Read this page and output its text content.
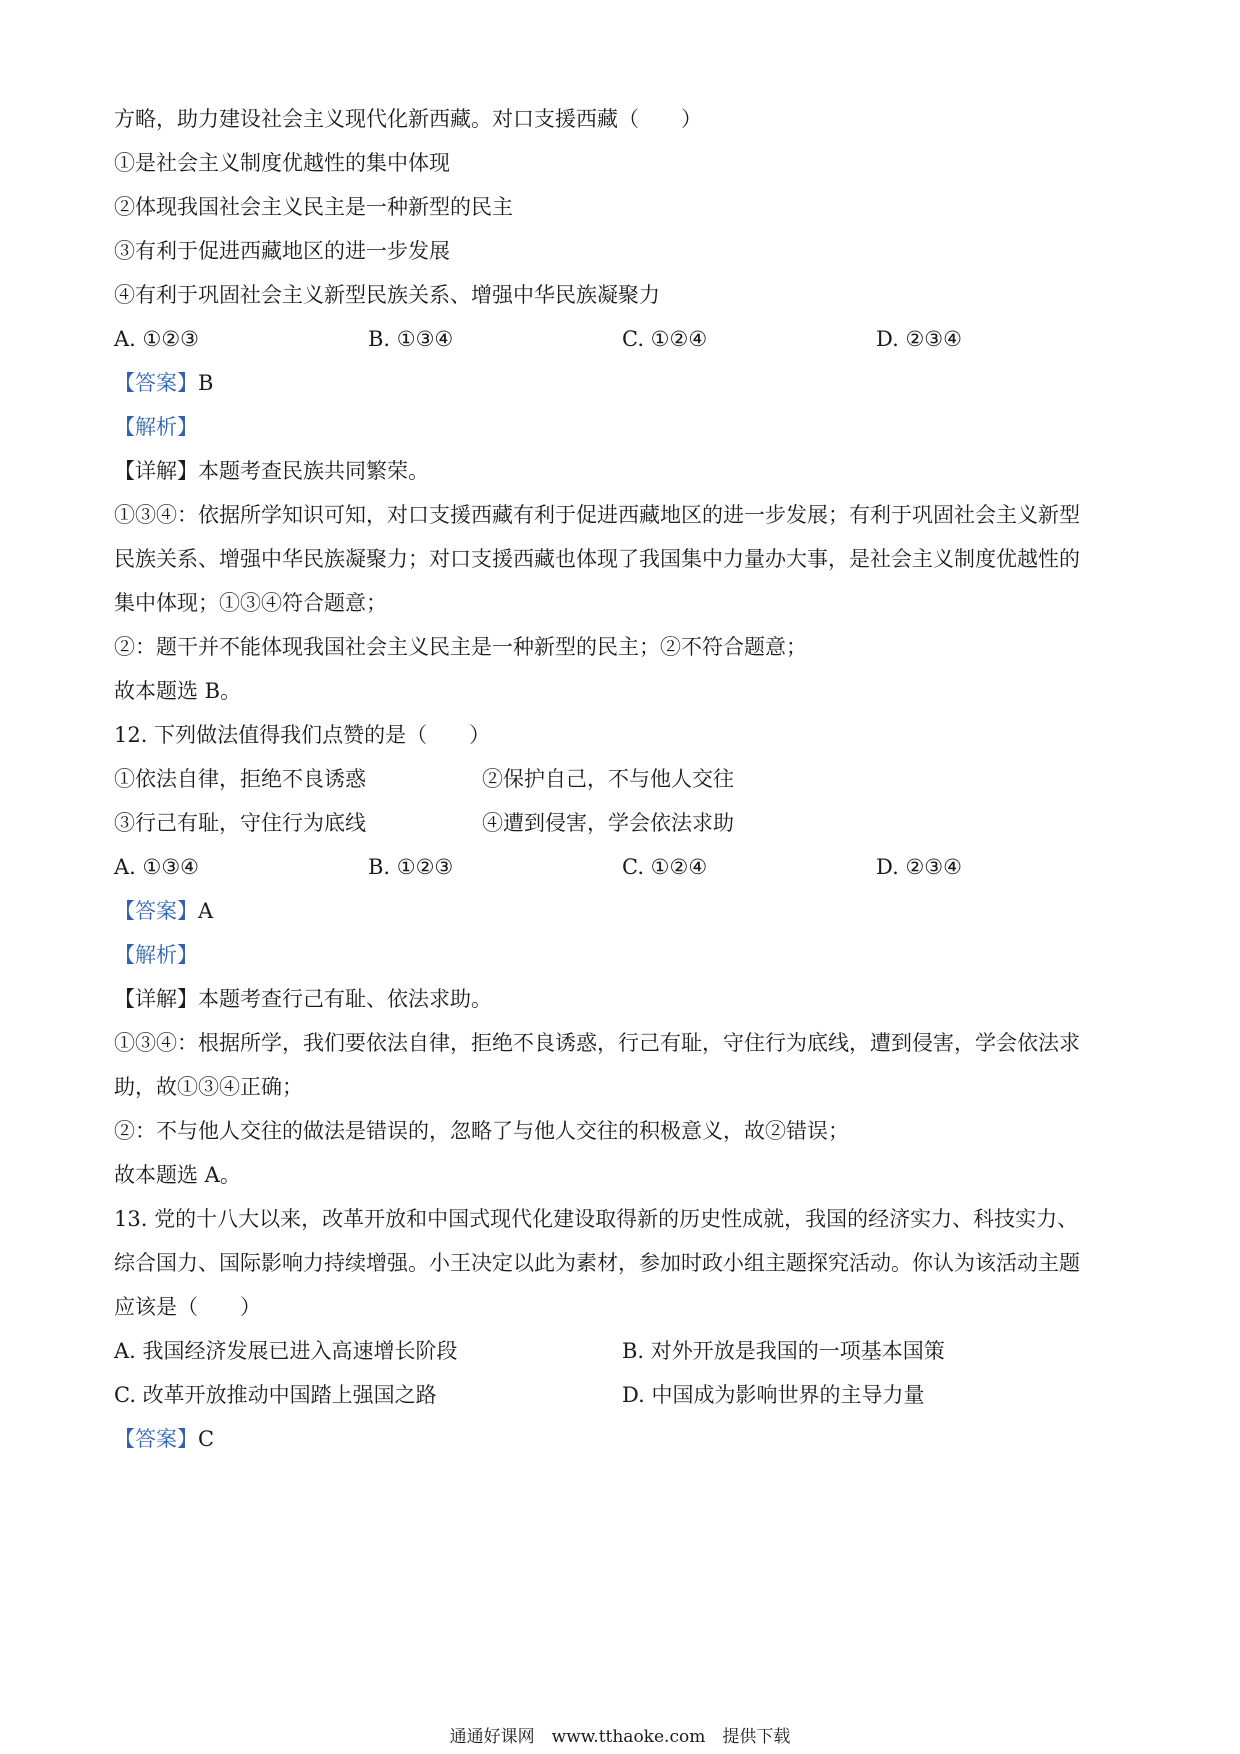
方略，助力建设社会主义现代化新西藏。对口支援西藏（　　）
①是社会主义制度优越性的集中体现
②体现我国社会主义民主是一种新型的民主
③有利于促进西藏地区的进一步发展
④有利于巩固社会主义新型民族关系、增强中华民族凝聚力
A. ①②③	B. ①③④	C. ①②④	D. ②③④
【答案】B
【解析】
【详解】本题考查民族共同繁荣。
①③④：依据所学知识可知，对口支援西藏有利于促进西藏地区的进一步发展；有利于巩固社会主义新型
民族关系、增强中华民族凝聚力；对口支援西藏也体现了我国集中力量办大事，是社会主义制度优越性的
集中体现；①③④符合题意；
②：题干并不能体现我国社会主义民主是一种新型的民主；②不符合题意；
故本题选 B。
12. 下列做法值得我们点赞的是（　　）
①依法自律，拒绝不良诱惑	②保护自己，不与他人交往
③行己有耻，守住行为底线	④遭到侵害，学会依法求助
A. ①③④	B. ①②③	C. ①②④	D. ②③④
【答案】A
【解析】
【详解】本题考查行己有耻、依法求助。
①③④：根据所学，我们要依法自律，拒绝不良诱惑，行己有耻，守住行为底线，遭到侵害，学会依法求
助，故①③④正确；
②：不与他人交往的做法是错误的，忽略了与他人交往的积极意义，故②错误；
故本题选 A。
13. 党的十八大以来，改革开放和中国式现代化建设取得新的历史性成就，我国的经济实力、科技实力、
综合国力、国际影响力持续增强。小王决定以此为素材，参加时政小组主题探究活动。你认为该活动主题
应该是（　　）
A. 我国经济发展已进入高速增长阶段	B. 对外开放是我国的一项基本国策
C. 改革开放推动中国踏上强国之路	D. 中国成为影响世界的主导力量
【答案】C
通通好课网　www.tthaoke.com　提供下载
